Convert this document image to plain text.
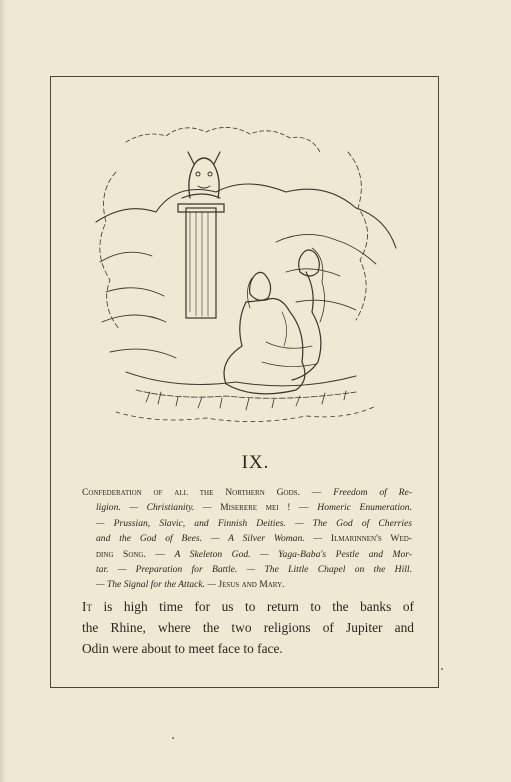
IX.
Confederation of all the Northern Gods. — Freedom of Re-
ligion. — Christianity. — Miserere mei ! — Homeric Enumeration.
— Prussian, Slavic, and Finnish Deities. — The God of Cherries
and the God of Bees. — A Silver Woman. — Ilmarinnen's Wed-
ding Song. — A Skeleton God. — Yaga-Baba's Pestle and Mor-
tar. — Preparation for Battle. — The Little Chapel on the Hill.
— The Signal for the Attack. — Jesus and Mary.
It is high time for us to return to the banks of
the Rhine, where the two religions of Jupiter and
Odin were about to meet face to face.
